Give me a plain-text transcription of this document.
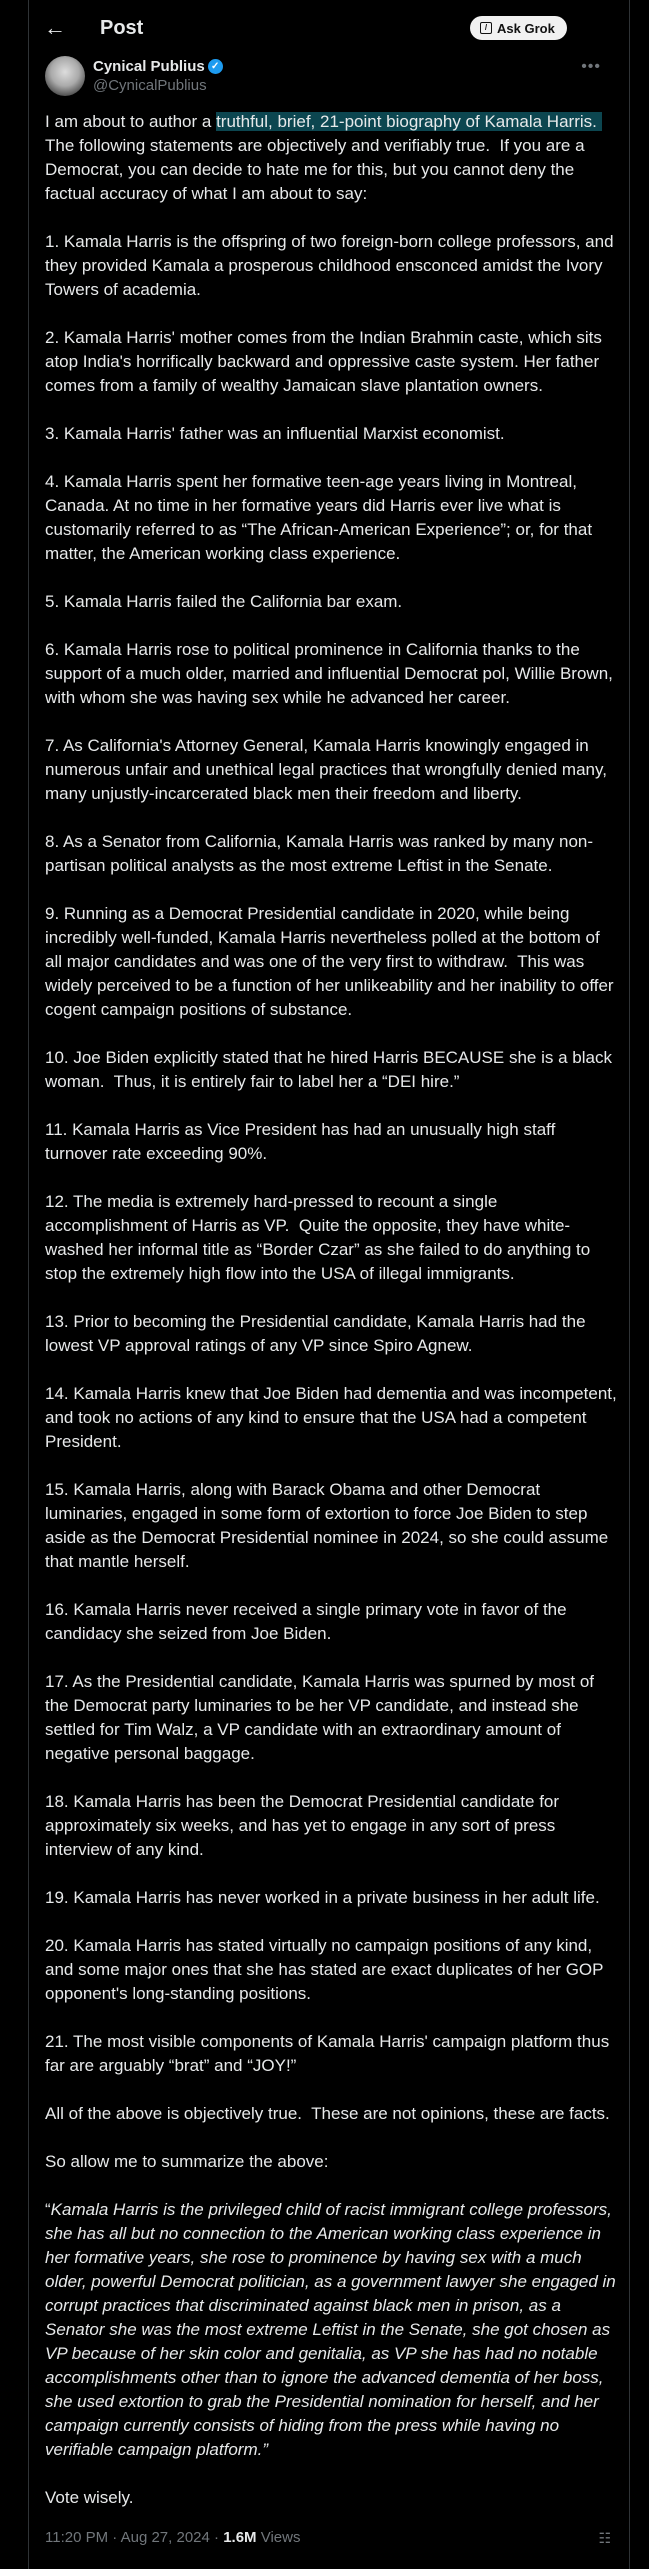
←	Post
Cynical Publius ✓
@CynicalPublius
•••
/ Ask Grok

I am about to author a truthful, brief, 21-point biography of Kamala Harris.  The following statements are objectively and verifiably true.  If you are a Democrat, you can decide to hate me for this, but you cannot deny the factual accuracy of what I am about to say:

1. Kamala Harris is the offspring of two foreign-born college professors, and they provided Kamala a prosperous childhood ensconced amidst the Ivory Towers of academia.

2. Kamala Harris' mother comes from the Indian Brahmin caste, which sits atop India's horrifically backward and oppressive caste system. Her father comes from a family of wealthy Jamaican slave plantation owners.

3. Kamala Harris' father was an influential Marxist economist.

4. Kamala Harris spent her formative teen-age years living in Montreal, Canada. At no time in her formative years did Harris ever live what is customarily referred to as “The African-American Experience”; or, for that matter, the American working class experience.

5. Kamala Harris failed the California bar exam.

6. Kamala Harris rose to political prominence in California thanks to the support of a much older, married and influential Democrat pol, Willie Brown, with whom she was having sex while he advanced her career.

7. As California's Attorney General, Kamala Harris knowingly engaged in numerous unfair and unethical legal practices that wrongfully denied many, many unjustly-incarcerated black men their freedom and liberty.

8. As a Senator from California, Kamala Harris was ranked by many non-partisan political analysts as the most extreme Leftist in the Senate.

9. Running as a Democrat Presidential candidate in 2020, while being incredibly well-funded, Kamala Harris nevertheless polled at the bottom of all major candidates and was one of the very first to withdraw.  This was widely perceived to be a function of her unlikeability and her inability to offer cogent campaign positions of substance.

10. Joe Biden explicitly stated that he hired Harris BECAUSE she is a black woman.  Thus, it is entirely fair to label her a “DEI hire.”

11. Kamala Harris as Vice President has had an unusually high staff turnover rate exceeding 90%.

12. The media is extremely hard-pressed to recount a single accomplishment of Harris as VP.  Quite the opposite, they have white-washed her informal title as “Border Czar” as she failed to do anything to stop the extremely high flow into the USA of illegal immigrants.

13. Prior to becoming the Presidential candidate, Kamala Harris had the lowest VP approval ratings of any VP since Spiro Agnew.

14. Kamala Harris knew that Joe Biden had dementia and was incompetent, and took no actions of any kind to ensure that the USA had a competent President.

15. Kamala Harris, along with Barack Obama and other Democrat luminaries, engaged in some form of extortion to force Joe Biden to step aside as the Democrat Presidential nominee in 2024, so she could assume that mantle herself.

16. Kamala Harris never received a single primary vote in favor of the candidacy she seized from Joe Biden.

17. As the Presidential candidate, Kamala Harris was spurned by most of the Democrat party luminaries to be her VP candidate, and instead she settled for Tim Walz, a VP candidate with an extraordinary amount of negative personal baggage.

18. Kamala Harris has been the Democrat Presidential candidate for approximately six weeks, and has yet to engage in any sort of press interview of any kind.

19. Kamala Harris has never worked in a private business in her adult life.

20. Kamala Harris has stated virtually no campaign positions of any kind, and some major ones that she has stated are exact duplicates of her GOP opponent's long-standing positions.

21. The most visible components of Kamala Harris' campaign platform thus far are arguably “brat” and “JOY!”

All of the above is objectively true.  These are not opinions, these are facts.

So allow me to summarize the above:

“Kamala Harris is the privileged child of racist immigrant college professors, she has all but no connection to the American working class experience in her formative years, she rose to prominence by having sex with a much older, powerful Democrat politician, as a government lawyer she engaged in corrupt practices that discriminated against black men in prison, as a Senator she was the most extreme Leftist in the Senate, she got chosen as VP because of her skin color and genitalia, as VP she has had no notable accomplishments other than to ignore the advanced dementia of her boss, she used extortion to grab the Presidential nomination for herself, and her campaign currently consists of hiding from the press while having no verifiable campaign platform.”

Vote wisely.

11:20 PM · Aug 27, 2024 · 1.6M Views	☷
